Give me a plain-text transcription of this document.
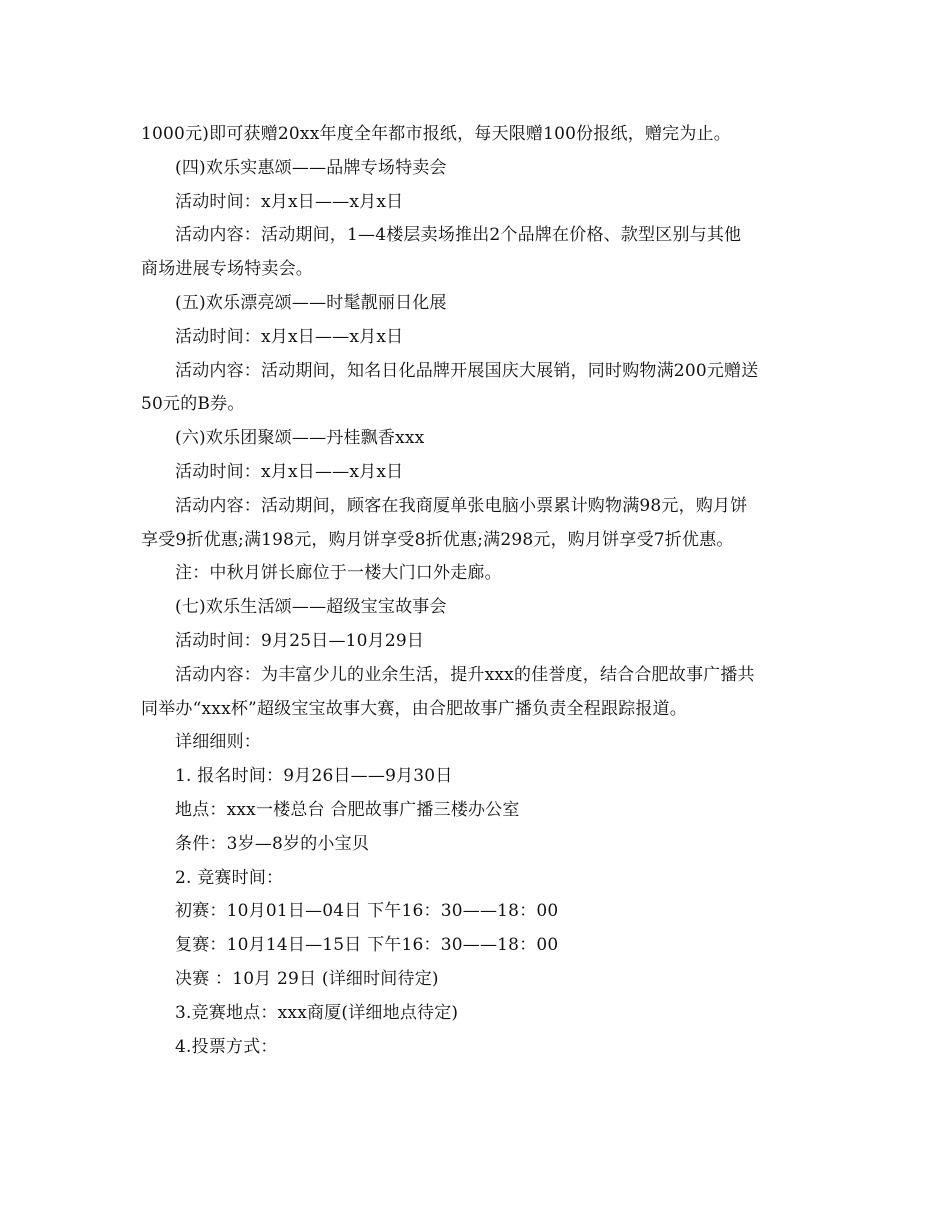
1000元)即可获赠20xx年度全年都市报纸，每天限赠100份报纸，赠完为止。
(四)欢乐实惠颂——品牌专场特卖会
活动时间：x月x日——x月x日
活动内容：活动期间，1—4楼层卖场推出2个品牌在价格、款型区别与其他
商场进展专场特卖会。
(五)欢乐漂亮颂——时髦靓丽日化展
活动时间：x月x日——x月x日
活动内容：活动期间，知名日化品牌开展国庆大展销，同时购物满200元赠送
50元的B券。
(六)欢乐团聚颂——丹桂飘香xxx
活动时间：x月x日——x月x日
活动内容：活动期间，顾客在我商厦单张电脑小票累计购物满98元，购月饼
享受9折优惠;满198元，购月饼享受8折优惠;满298元，购月饼享受7折优惠。
注：中秋月饼长廊位于一楼大门口外走廊。
(七)欢乐生活颂——超级宝宝故事会
活动时间：9月25日—10月29日
活动内容：为丰富少儿的业余生活，提升xxx的佳誉度，结合合肥故事广播共
同举办“xxx杯”超级宝宝故事大赛，由合肥故事广播负责全程跟踪报道。
详细细则：
1. 报名时间：9月26日——9月30日
地点：xxx一楼总台 合肥故事广播三楼办公室
条件：3岁—8岁的小宝贝
2. 竞赛时间：
初赛：10月01日—04日 下午16：30——18：00
复赛：10月14日—15日 下午16：30——18：00
决赛 ：10月 29日 (详细时间待定)
3.竞赛地点：xxx商厦(详细地点待定)
4.投票方式：
